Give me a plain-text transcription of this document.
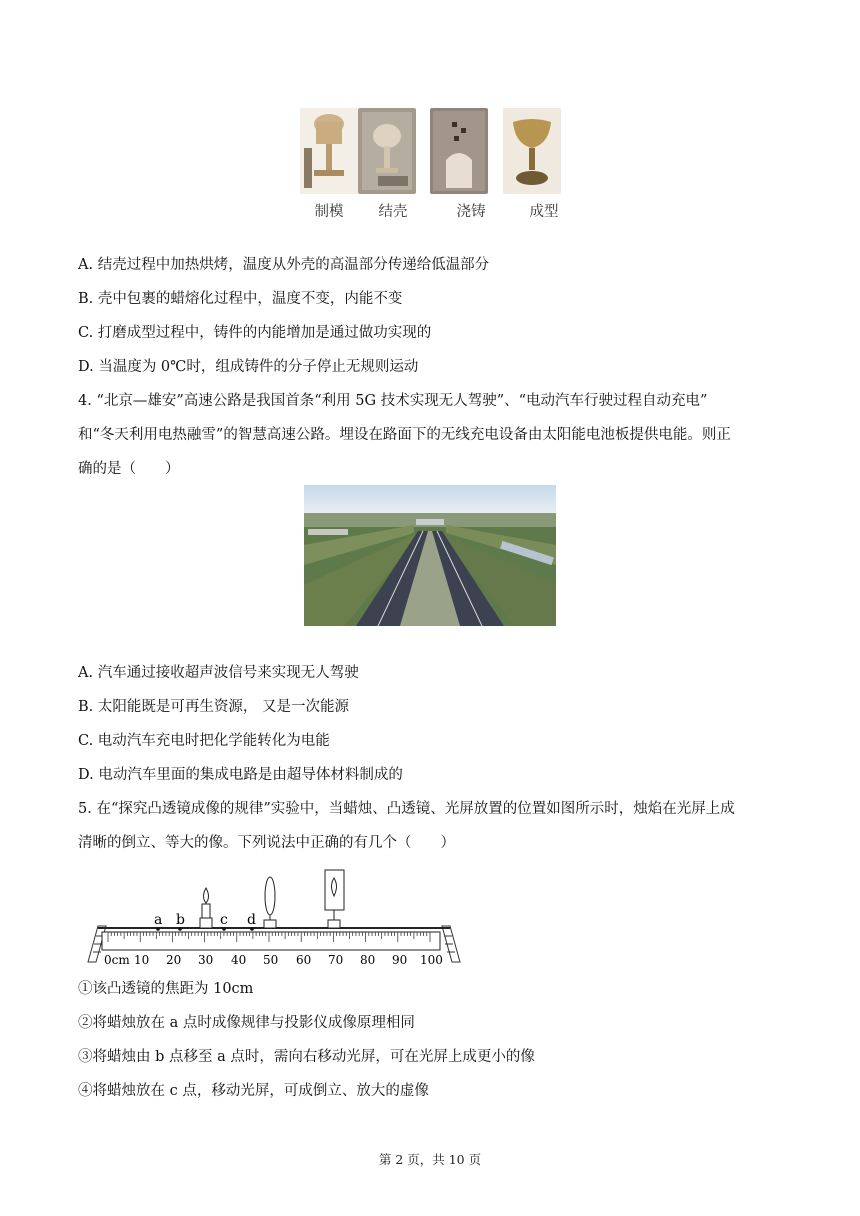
制模	结壳	浇铸	成型
A. 结壳过程中加热烘烤，温度从外壳的高温部分传递给低温部分
B. 壳中包裹的蜡熔化过程中，温度不变，内能不变
C. 打磨成型过程中，铸件的内能增加是通过做功实现的
D. 当温度为 0℃时，组成铸件的分子停止无规则运动
4. “北京—雄安”高速公路是我国首条“利用 5G 技术实现无人驾驶”、“电动汽车行驶过程自动充电”
和“冬天利用电热融雪”的智慧高速公路。埋设在路面下的无线充电设备由太阳能电池板提供电能。则正
确的是（　　）
A. 汽车通过接收超声波信号来实现无人驾驶
B. 太阳能既是可再生资源， 又是一次能源
C. 电动汽车充电时把化学能转化为电能
D. 电动汽车里面的集成电路是由超导体材料制成的
5. 在“探究凸透镜成像的规律”实验中，当蜡烛、凸透镜、光屏放置的位置如图所示时，烛焰在光屏上成
清晰的倒立、等大的像。下列说法中正确的有几个（　　）
a b	c d
0cm 10 20 30 40 50 60 70 80 90 100
①该凸透镜的焦距为 10cm
②将蜡烛放在 a 点时成像规律与投影仪成像原理相同
③将蜡烛由 b 点移至 a 点时，需向右移动光屏，可在光屏上成更小的像
④将蜡烛放在 c 点，移动光屏，可成倒立、放大的虚像
第 2 页，共 10 页
